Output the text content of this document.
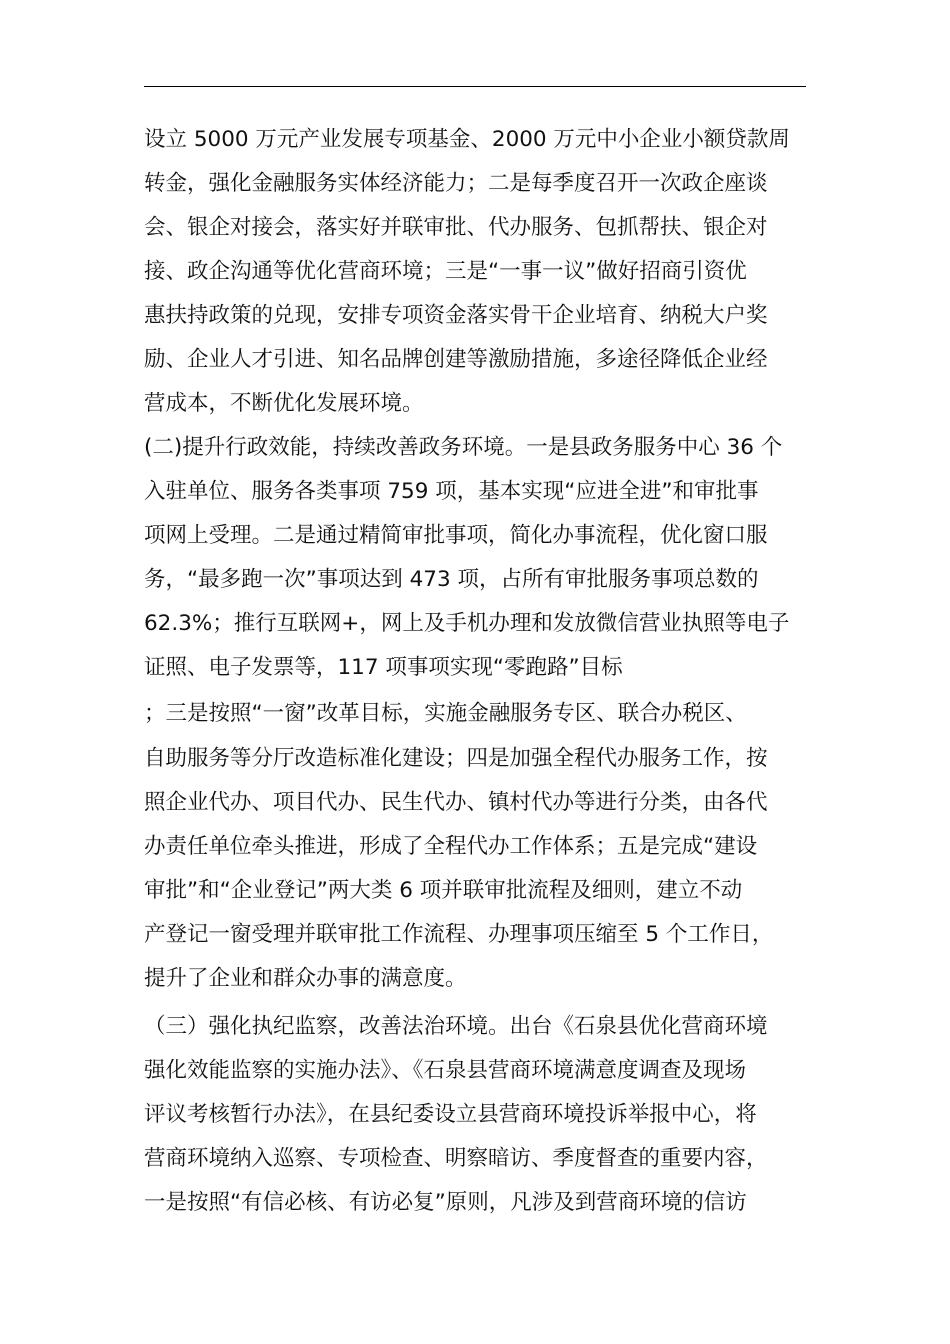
设立 5000 万元产业发展专项基金、2000 万元中小企业小额贷款周
转金，强化金融服务实体经济能力；二是每季度召开一次政企座谈
会、银企对接会，落实好并联审批、代办服务、包抓帮扶、银企对
接、政企沟通等优化营商环境；三是“一事一议”做好招商引资优
惠扶持政策的兑现，安排专项资金落实骨干企业培育、纳税大户奖
励、企业人才引进、知名品牌创建等激励措施，多途径降低企业经
营成本，不断优化发展环境。
(二)提升行政效能，持续改善政务环境。一是县政务服务中心 36 个
入驻单位、服务各类事项 759 项，基本实现“应进全进”和审批事
项网上受理。二是通过精简审批事项，简化办事流程，优化窗口服
务，“最多跑一次”事项达到 473 项，占所有审批服务事项总数的
62.3%；推行互联网+，网上及手机办理和发放微信营业执照等电子
证照、电子发票等，117 项事项实现“零跑路”目标
；三是按照“一窗”改革目标，实施金融服务专区、联合办税区、
自助服务等分厅改造标准化建设；四是加强全程代办服务工作，按
照企业代办、项目代办、民生代办、镇村代办等进行分类，由各代
办责任单位牵头推进，形成了全程代办工作体系；五是完成“建设
审批”和“企业登记”两大类 6 项并联审批流程及细则，建立不动
产登记一窗受理并联审批工作流程、办理事项压缩至 5 个工作日，
提升了企业和群众办事的满意度。
（三）强化执纪监察，改善法治环境。出台《石泉县优化营商环境
强化效能监察的实施办法》、《石泉县营商环境满意度调查及现场
评议考核暂行办法》，在县纪委设立县营商环境投诉举报中心，将
营商环境纳入巡察、专项检查、明察暗访、季度督查的重要内容，
一是按照“有信必核、有访必复”原则，凡涉及到营商环境的信访
